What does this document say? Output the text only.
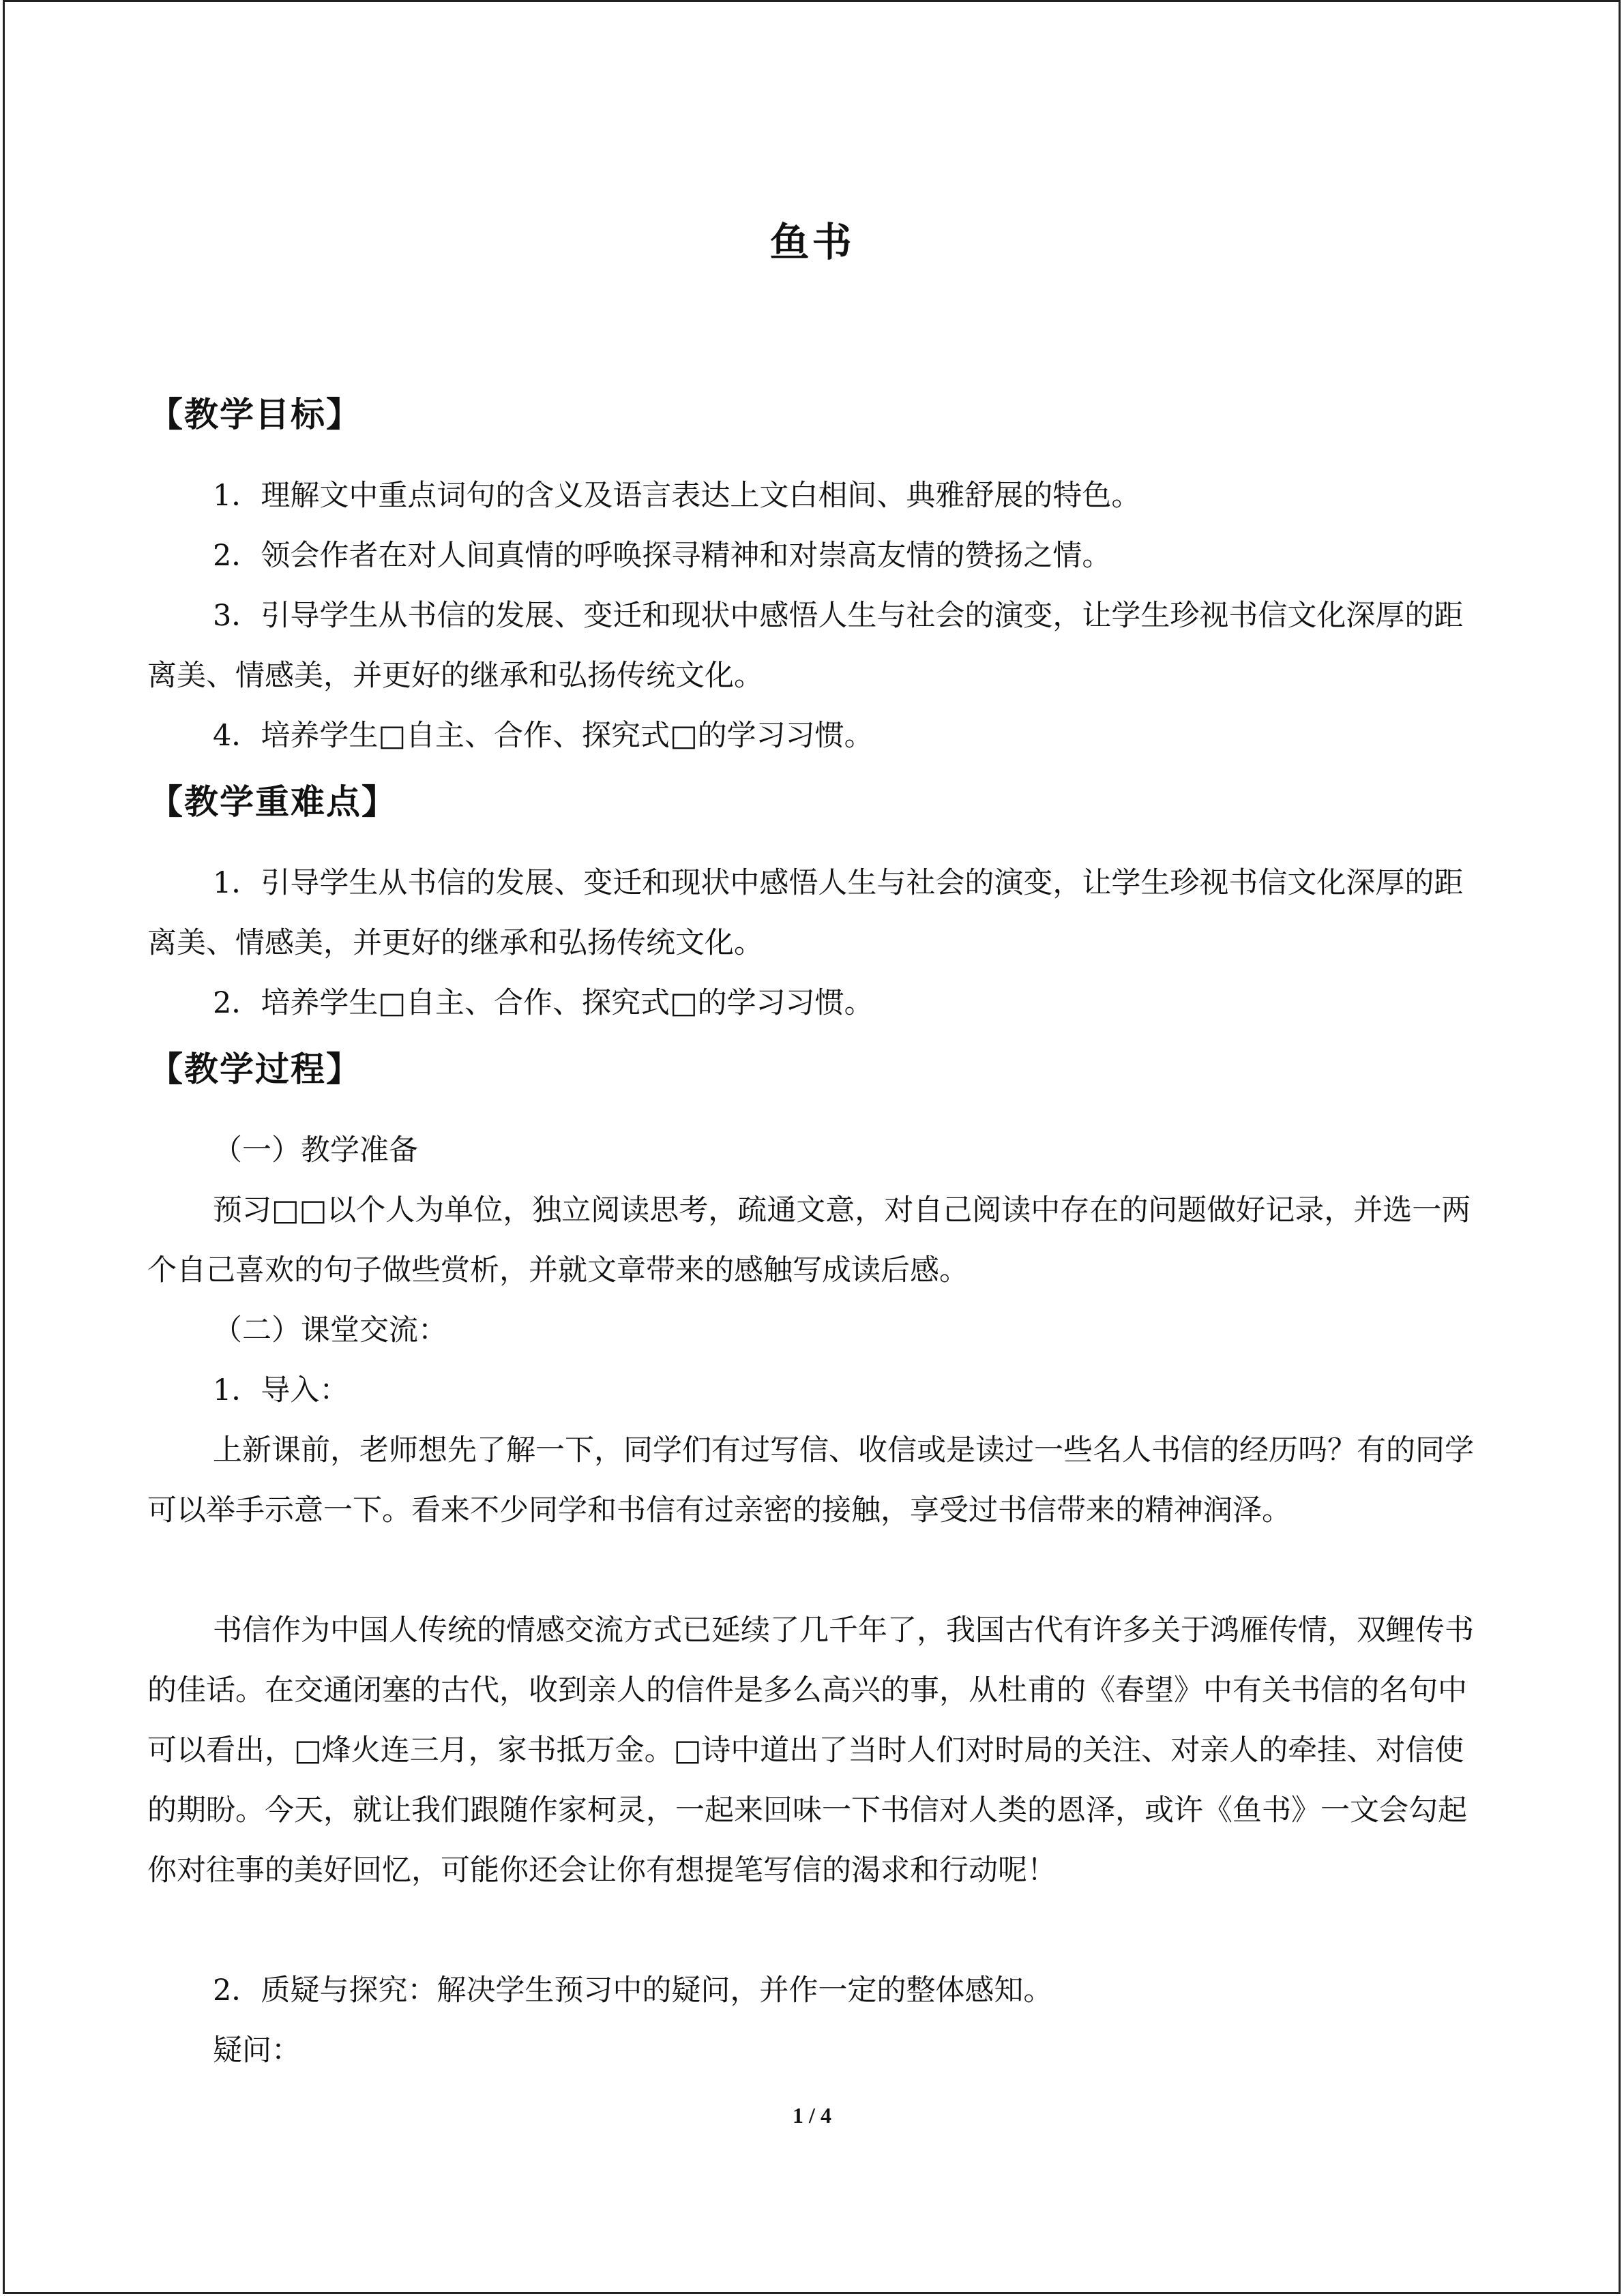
鱼书
【教学目标】

1．理解文中重点词句的含义及语言表达上文白相间、典雅舒展的特色。

2．领会作者在对人间真情的呼唤探寻精神和对崇高友情的赞扬之情。

3．引导学生从书信的发展、变迁和现状中感悟人生与社会的演变，让学生珍视书信文化深厚的距离美、情感美，并更好的继承和弘扬传统文化。

4．培养学生□自主、合作、探究式□的学习习惯。

【教学重难点】

1．引导学生从书信的发展、变迁和现状中感悟人生与社会的演变，让学生珍视书信文化深厚的距离美、情感美，并更好的继承和弘扬传统文化。

2．培养学生□自主、合作、探究式□的学习习惯。

【教学过程】

（一）教学准备

预习□□以个人为单位，独立阅读思考，疏通文意，对自己阅读中存在的问题做好记录，并选一两个自己喜欢的句子做些赏析，并就文章带来的感触写成读后感。

（二）课堂交流：

1．导入：

上新课前，老师想先了解一下，同学们有过写信、收信或是读过一些名人书信的经历吗？有的同学可以举手示意一下。看来不少同学和书信有过亲密的接触，享受过书信带来的精神润泽。

书信作为中国人传统的情感交流方式已延续了几千年了，我国古代有许多关于鸿雁传情，双鲤传书的佳话。在交通闭塞的古代，收到亲人的信件是多么高兴的事，从杜甫的《春望》中有关书信的名句中可以看出，□烽火连三月，家书抵万金。□诗中道出了当时人们对时局的关注、对亲人的牵挂、对信使的期盼。今天，就让我们跟随作家柯灵，一起来回味一下书信对人类的恩泽，或许《鱼书》一文会勾起你对往事的美好回忆，可能你还会让你有想提笔写信的渴求和行动呢！

2．质疑与探究：解决学生预习中的疑问，并作一定的整体感知。

疑问：

1 / 4
